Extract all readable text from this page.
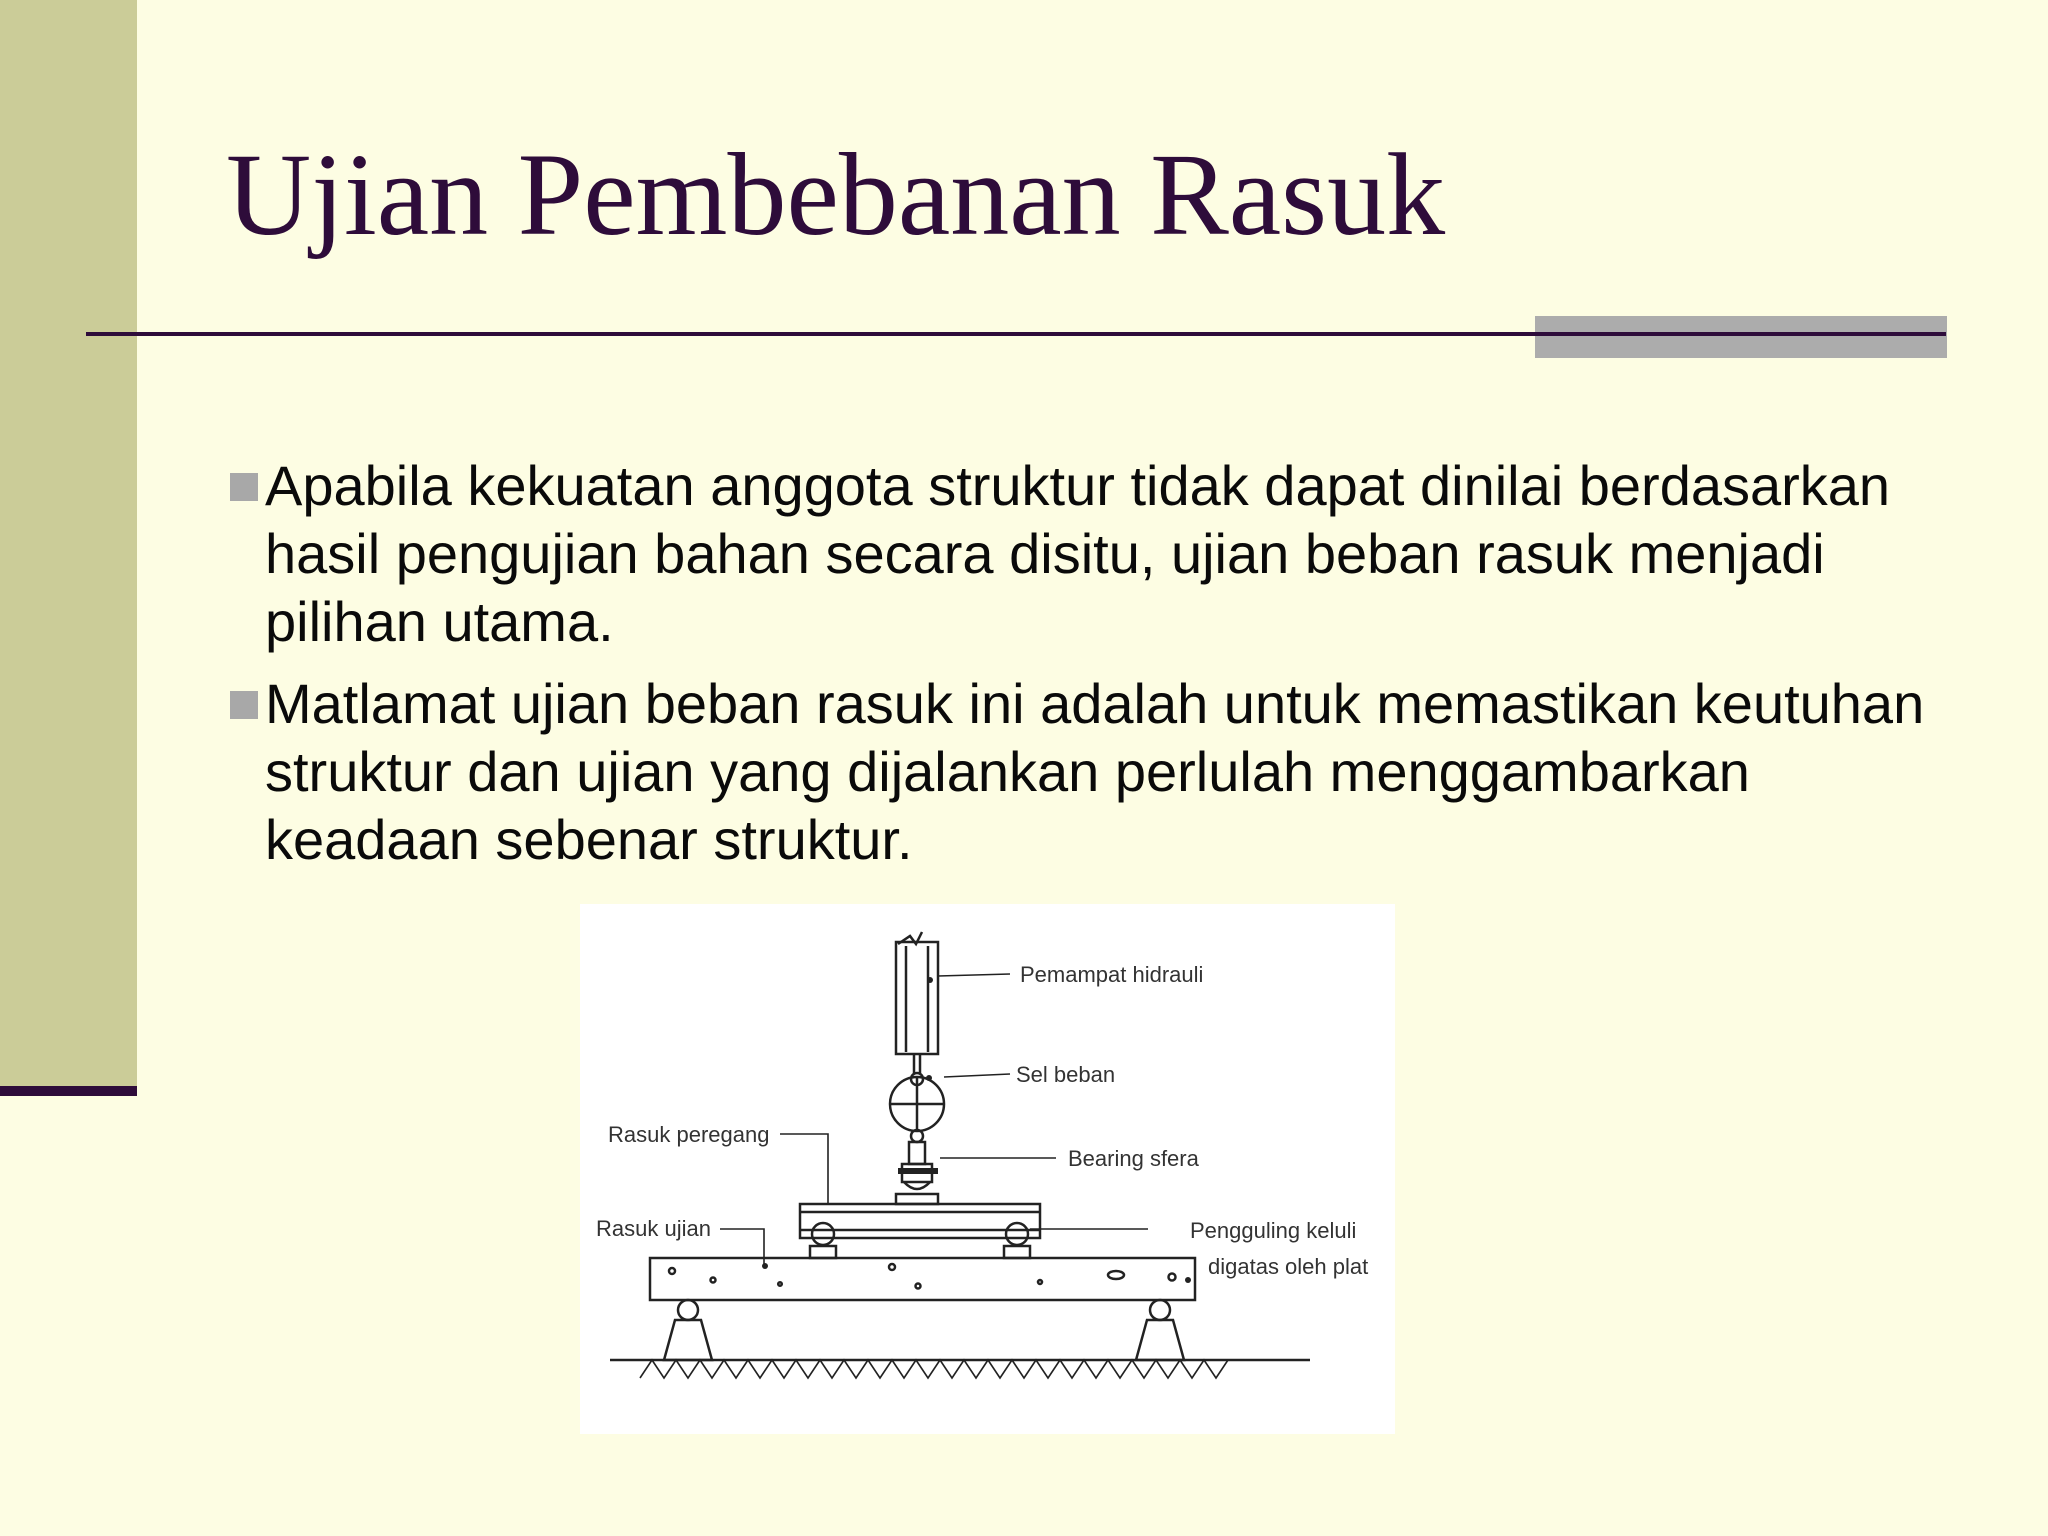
Ujian Pembebanan Rasuk
Apabila kekuatan anggota struktur tidak dapat dinilai berdasarkan hasil pengujian bahan secara disitu, ujian beban rasuk menjadi pilihan utama.
Matlamat ujian beban rasuk ini adalah untuk memastikan keutuhan struktur dan ujian yang dijalankan perlulah menggambarkan keadaan sebenar struktur.
Pemampat hidrauli
Sel beban
Rasuk peregang
Bearing sfera
Rasuk ujian	Pengguling keluli
digatas oleh plat
